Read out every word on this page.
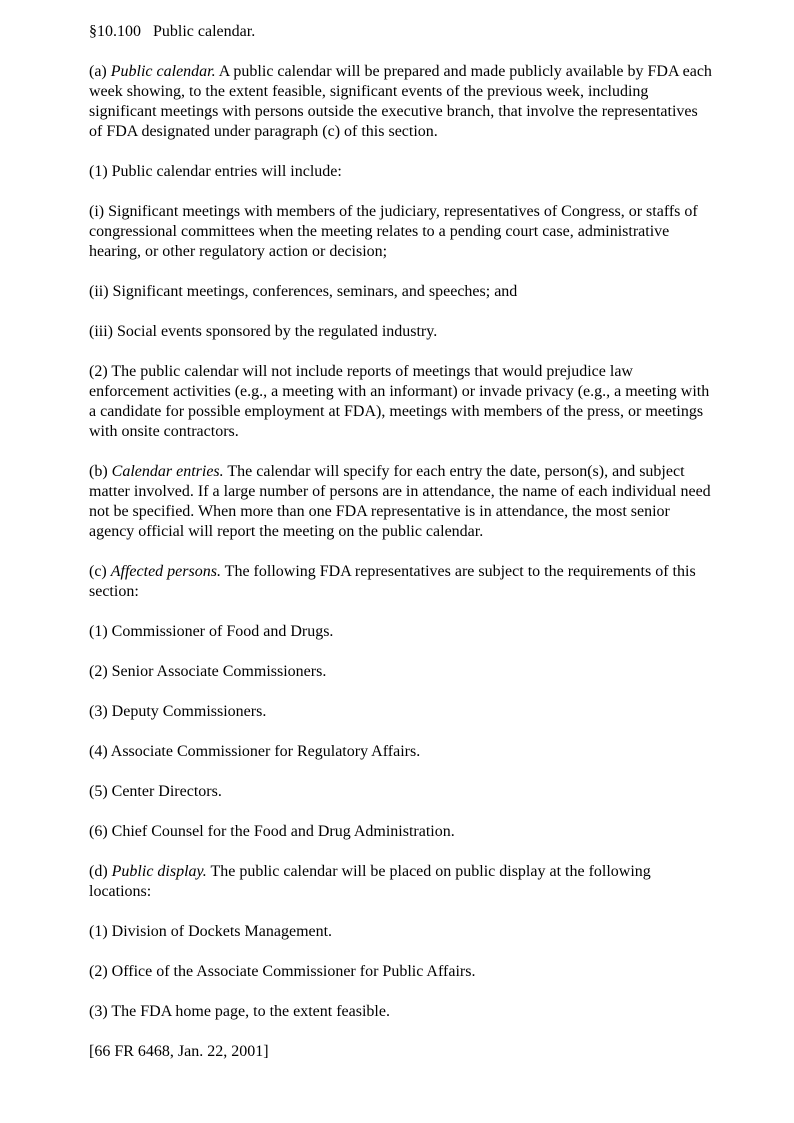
§10.100   Public calendar.

(a) Public calendar. A public calendar will be prepared and made publicly available by FDA each week showing, to the extent feasible, significant events of the previous week, including significant meetings with persons outside the executive branch, that involve the representatives of FDA designated under paragraph (c) of this section.

(1) Public calendar entries will include:

(i) Significant meetings with members of the judiciary, representatives of Congress, or staffs of congressional committees when the meeting relates to a pending court case, administrative hearing, or other regulatory action or decision;

(ii) Significant meetings, conferences, seminars, and speeches; and

(iii) Social events sponsored by the regulated industry.

(2) The public calendar will not include reports of meetings that would prejudice law enforcement activities (e.g., a meeting with an informant) or invade privacy (e.g., a meeting with a candidate for possible employment at FDA), meetings with members of the press, or meetings with onsite contractors.

(b) Calendar entries. The calendar will specify for each entry the date, person(s), and subject matter involved. If a large number of persons are in attendance, the name of each individual need not be specified. When more than one FDA representative is in attendance, the most senior agency official will report the meeting on the public calendar.

(c) Affected persons. The following FDA representatives are subject to the requirements of this section:

(1) Commissioner of Food and Drugs.

(2) Senior Associate Commissioners.

(3) Deputy Commissioners.

(4) Associate Commissioner for Regulatory Affairs.

(5) Center Directors.

(6) Chief Counsel for the Food and Drug Administration.

(d) Public display. The public calendar will be placed on public display at the following locations:

(1) Division of Dockets Management.

(2) Office of the Associate Commissioner for Public Affairs.

(3) The FDA home page, to the extent feasible.

[66 FR 6468, Jan. 22, 2001]
